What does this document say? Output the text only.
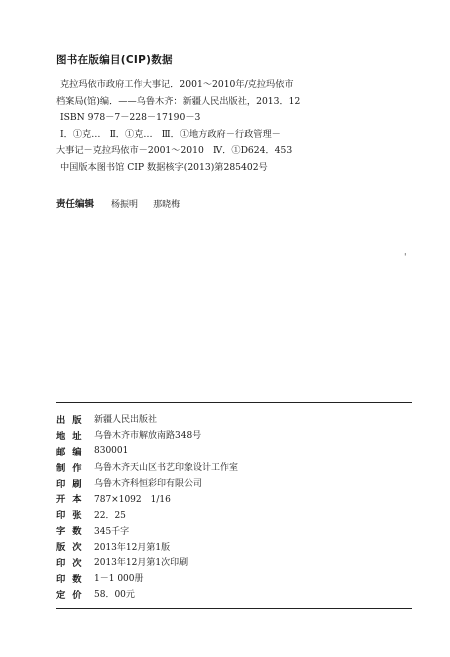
图书在版编目(CIP)数据
克拉玛依市政府工作大事记．2001～2010年/克拉玛依市
档案局(馆)编．——乌鲁木齐：新疆人民出版社，2013．12
ISBN 978－7－228－17190－3
Ⅰ．①克…　Ⅱ．①克…　Ⅲ．①地方政府－行政管理－
大事记－克拉玛依市－2001～2010　Ⅳ．①D624．453
中国版本图书馆 CIP 数据核字(2013)第285402号
责任编辑 杨振明 那晓梅
'
出版 新疆人民出版社
地址 乌鲁木齐市解放南路348号
邮编 830001
制作 乌鲁木齐天山区书艺印象设计工作室
印刷 乌鲁木齐科恒彩印有限公司
开本 787×1092　1/16
印张 22．25
字数 345千字
版次 2013年12月第1版
印次 2013年12月第1次印刷
印数 1－1 000册
定价 58．00元
